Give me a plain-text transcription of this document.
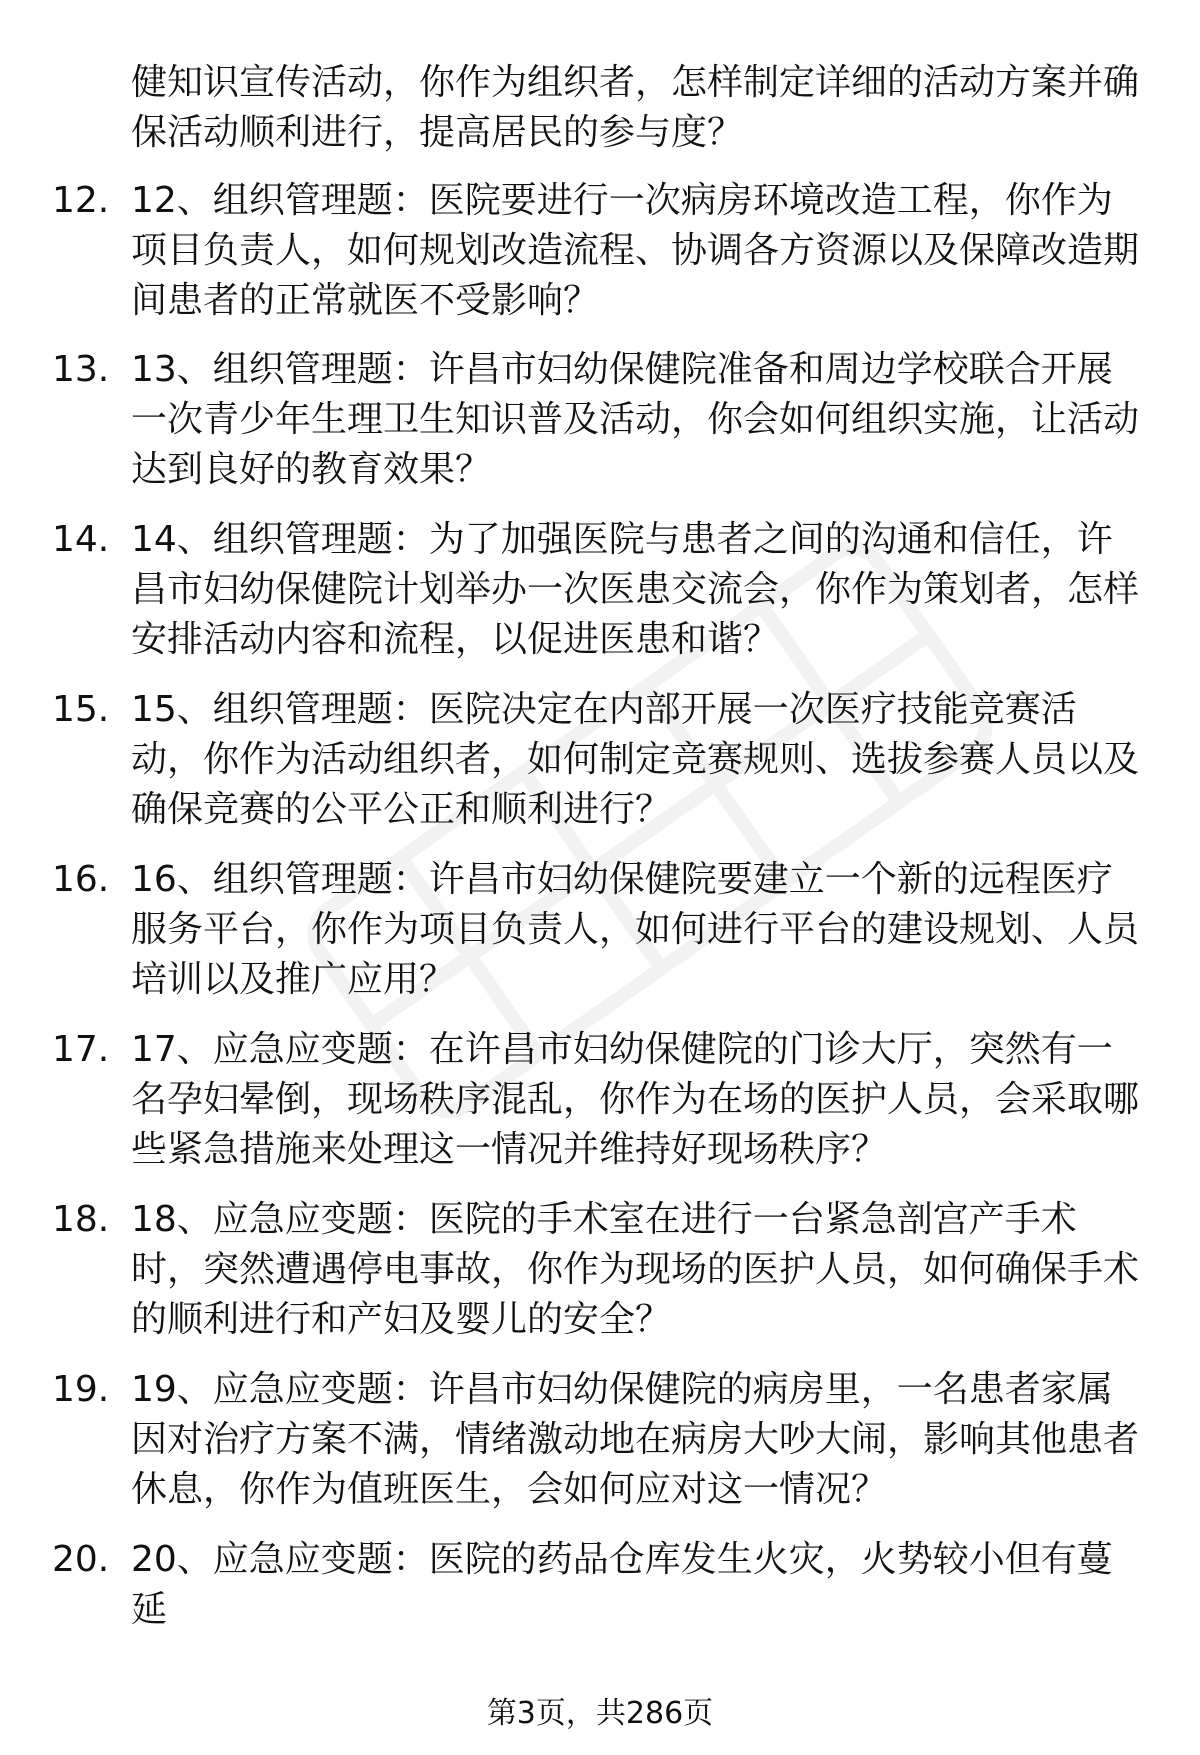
健知识宣传活动，你作为组织者，怎样制定详细的活动方案并确保活动顺利进行，提高居民的参与度？

12. 12、组织管理题：医院要进行一次病房环境改造工程，你作为项目负责人，如何规划改造流程、协调各方资源以及保障改造期间患者的正常就医不受影响？

13. 13、组织管理题：许昌市妇幼保健院准备和周边学校联合开展一次青少年生理卫生知识普及活动，你会如何组织实施，让活动达到良好的教育效果？

14. 14、组织管理题：为了加强医院与患者之间的沟通和信任，许昌市妇幼保健院计划举办一次医患交流会，你作为策划者，怎样安排活动内容和流程，以促进医患和谐？

15. 15、组织管理题：医院决定在内部开展一次医疗技能竞赛活动，你作为活动组织者，如何制定竞赛规则、选拔参赛人员以及确保竞赛的公平公正和顺利进行？

16. 16、组织管理题：许昌市妇幼保健院要建立一个新的远程医疗服务平台，你作为项目负责人，如何进行平台的建设规划、人员培训以及推广应用？

17. 17、应急应变题：在许昌市妇幼保健院的门诊大厅，突然有一名孕妇晕倒，现场秩序混乱，你作为在场的医护人员，会采取哪些紧急措施来处理这一情况并维持好现场秩序？

18. 18、应急应变题：医院的手术室在进行一台紧急剖宫产手术时，突然遭遇停电事故，你作为现场的医护人员，如何确保手术的顺利进行和产妇及婴儿的安全？

19. 19、应急应变题：许昌市妇幼保健院的病房里，一名患者家属因对治疗方案不满，情绪激动地在病房大吵大闹，影响其他患者休息，你作为值班医生，会如何应对这一情况？

20. 20、应急应变题：医院的药品仓库发生火灾，火势较小但有蔓延

第3页，共286页
